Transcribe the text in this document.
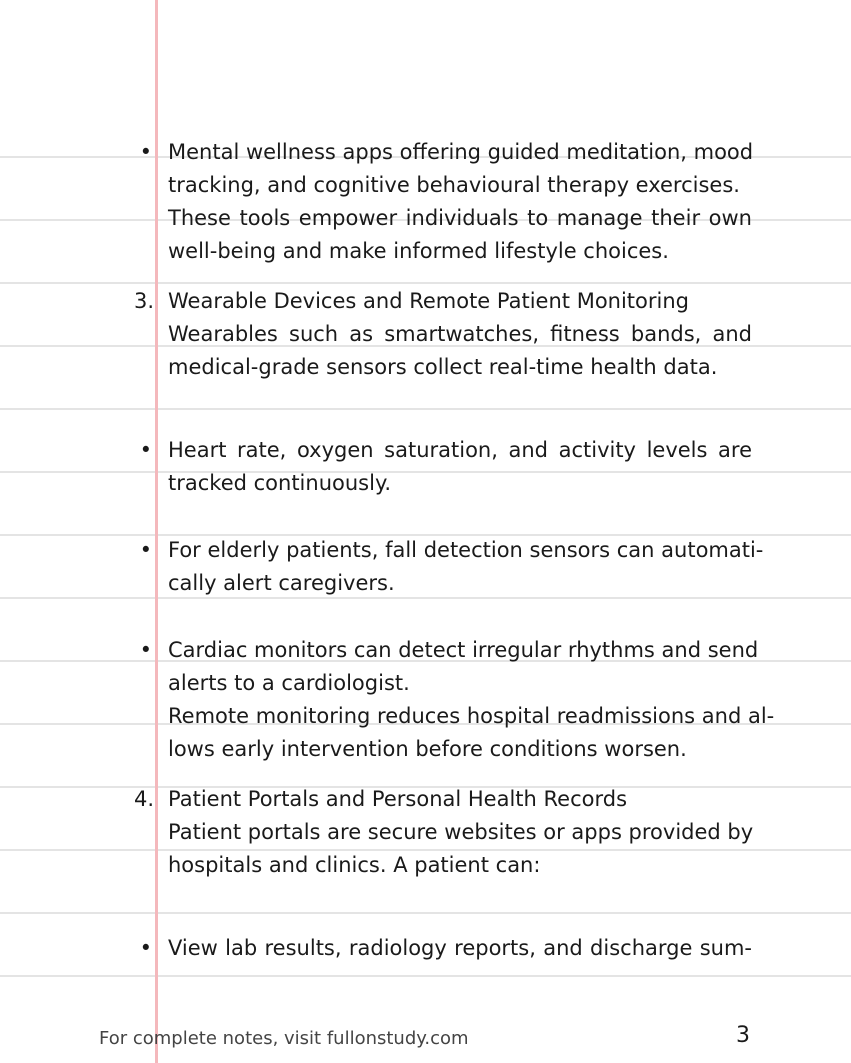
• Mental wellness apps offering guided meditation, mood
tracking, and cognitive behavioural therapy exercises.
These tools empower individuals to manage their own
well-being and make informed lifestyle choices.
3. Wearable Devices and Remote Patient Monitoring
Wearables such as smartwatches, fitness bands, and
medical-grade sensors collect real-time health data.
• Heart rate, oxygen saturation, and activity levels are
tracked continuously.
• For elderly patients, fall detection sensors can automati-
cally alert caregivers.
• Cardiac monitors can detect irregular rhythms and send
alerts to a cardiologist.
Remote monitoring reduces hospital readmissions and al-
lows early intervention before conditions worsen.
4. Patient Portals and Personal Health Records
Patient portals are secure websites or apps provided by
hospitals and clinics. A patient can:
• View lab results, radiology reports, and discharge sum-
For complete notes, visit fullonstudy.com	3
